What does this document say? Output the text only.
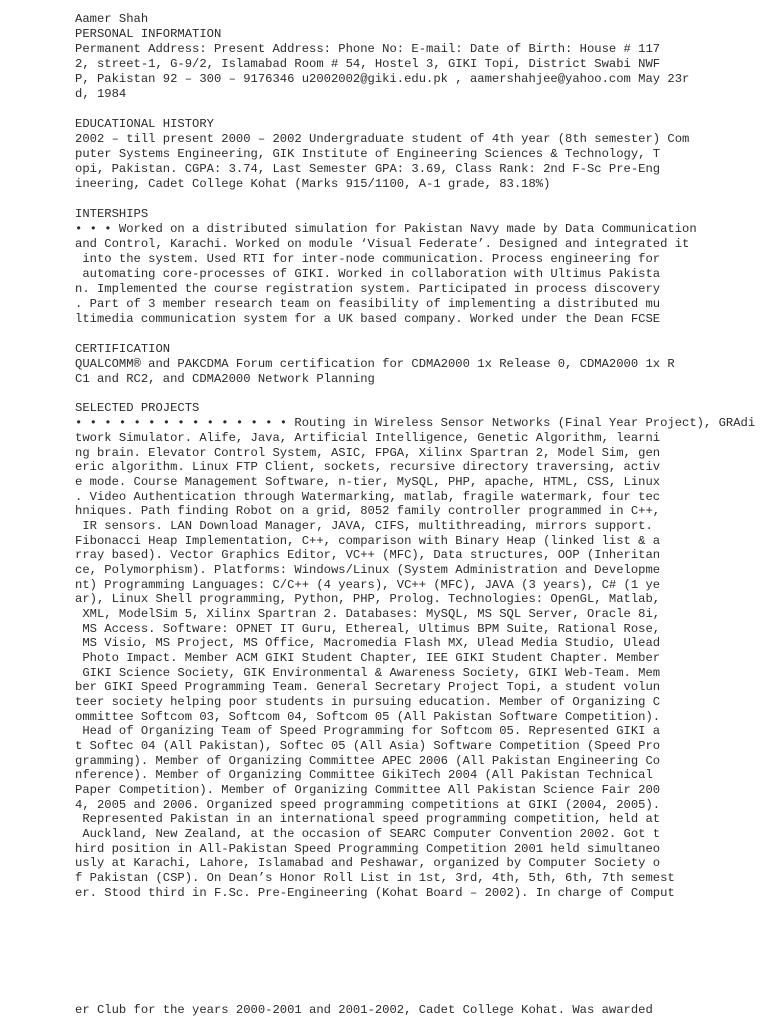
Aamer Shah
PERSONAL INFORMATION
Permanent Address: Present Address: Phone No: E-mail: Date of Birth: House # 117
2, street-1, G-9/2, Islamabad Room # 54, Hostel 3, GIKI Topi, District Swabi NWF
P, Pakistan 92 – 300 – 9176346 u2002002@giki.edu.pk , aamershahjee@yahoo.com May 23r
d, 1984
EDUCATIONAL HISTORY
2002 – till present 2000 – 2002 Undergraduate student of 4th year (8th semester) Com
puter Systems Engineering, GIK Institute of Engineering Sciences & Technology, T
opi, Pakistan. CGPA: 3.74, Last Semester GPA: 3.69, Class Rank: 2nd F-Sc Pre-Eng
ineering, Cadet College Kohat (Marks 915/1100, A-1 grade, 83.18%)
INTERSHIPS
• • • Worked on a distributed simulation for Pakistan Navy made by Data Communication
and Control, Karachi. Worked on module ‘Visual Federate’. Designed and integrated it
into the system. Used RTI for inter-node communication. Process engineering for
automating core-processes of GIKI. Worked in collaboration with Ultimus Pakista
n. Implemented the course registration system. Participated in process discovery
. Part of 3 member research team on feasibility of implementing a distributed mu
ltimedia communication system for a UK based company. Worked under the Dean FCSE
CERTIFICATION
QUALCOMM® and PAKCDMA Forum certification for CDMA2000 1x Release 0, CDMA2000 1x R
C1 and RC2, and CDMA2000 Network Planning
SELECTED PROJECTS
• • • • • • • • • • • • • • • Routing in Wireless Sensor Networks (Final Year Project), GRAdi
twork Simulator. Alife, Java, Artificial Intelligence, Genetic Algorithm, learni
ng brain. Elevator Control System, ASIC, FPGA, Xilinx Spartran 2, Model Sim, gen
eric algorithm. Linux FTP Client, sockets, recursive directory traversing, activ
e mode. Course Management Software, n-tier, MySQL, PHP, apache, HTML, CSS, Linux
. Video Authentication through Watermarking, matlab, fragile watermark, four tec
hniques. Path finding Robot on a grid, 8052 family controller programmed in C++,
IR sensors. LAN Download Manager, JAVA, CIFS, multithreading, mirrors support.
Fibonacci Heap Implementation, C++, comparison with Binary Heap (linked list & a
rray based). Vector Graphics Editor, VC++ (MFC), Data structures, OOP (Inheritan
ce, Polymorphism). Platforms: Windows/Linux (System Administration and Developme
nt) Programming Languages: C/C++ (4 years), VC++ (MFC), JAVA (3 years), C# (1 ye
ar), Linux Shell programming, Python, PHP, Prolog. Technologies: OpenGL, Matlab,
XML, ModelSim 5, Xilinx Spartran 2. Databases: MySQL, MS SQL Server, Oracle 8i,
MS Access. Software: OPNET IT Guru, Ethereal, Ultimus BPM Suite, Rational Rose,
MS Visio, MS Project, MS Office, Macromedia Flash MX, Ulead Media Studio, Ulead
Photo Impact. Member ACM GIKI Student Chapter, IEE GIKI Student Chapter. Member
GIKI Science Society, GIK Environmental & Awareness Society, GIKI Web-Team. Mem
ber GIKI Speed Programming Team. General Secretary Project Topi, a student volun
teer society helping poor students in pursuing education. Member of Organizing C
ommittee Softcom 03, Softcom 04, Softcom 05 (All Pakistan Software Competition).
Head of Organizing Team of Speed Programming for Softcom 05. Represented GIKI a
t Softec 04 (All Pakistan), Softec 05 (All Asia) Software Competition (Speed Pro
gramming). Member of Organizing Committee APEC 2006 (All Pakistan Engineering Co
nference). Member of Organizing Committee GikiTech 2004 (All Pakistan Technical
Paper Competition). Member of Organizing Committee All Pakistan Science Fair 200
4, 2005 and 2006. Organized speed programming competitions at GIKI (2004, 2005).
Represented Pakistan in an international speed programming competition, held at
Auckland, New Zealand, at the occasion of SEARC Computer Convention 2002. Got t
hird position in All-Pakistan Speed Programming Competition 2001 held simultaneo
usly at Karachi, Lahore, Islamabad and Peshawar, organized by Computer Society o
f Pakistan (CSP). On Dean’s Honor Roll List in 1st, 3rd, 4th, 5th, 6th, 7th semest
er. Stood third in F.Sc. Pre-Engineering (Kohat Board – 2002). In charge of Comput
er Club for the years 2000-2001 and 2001-2002, Cadet College Kohat. Was awarded
